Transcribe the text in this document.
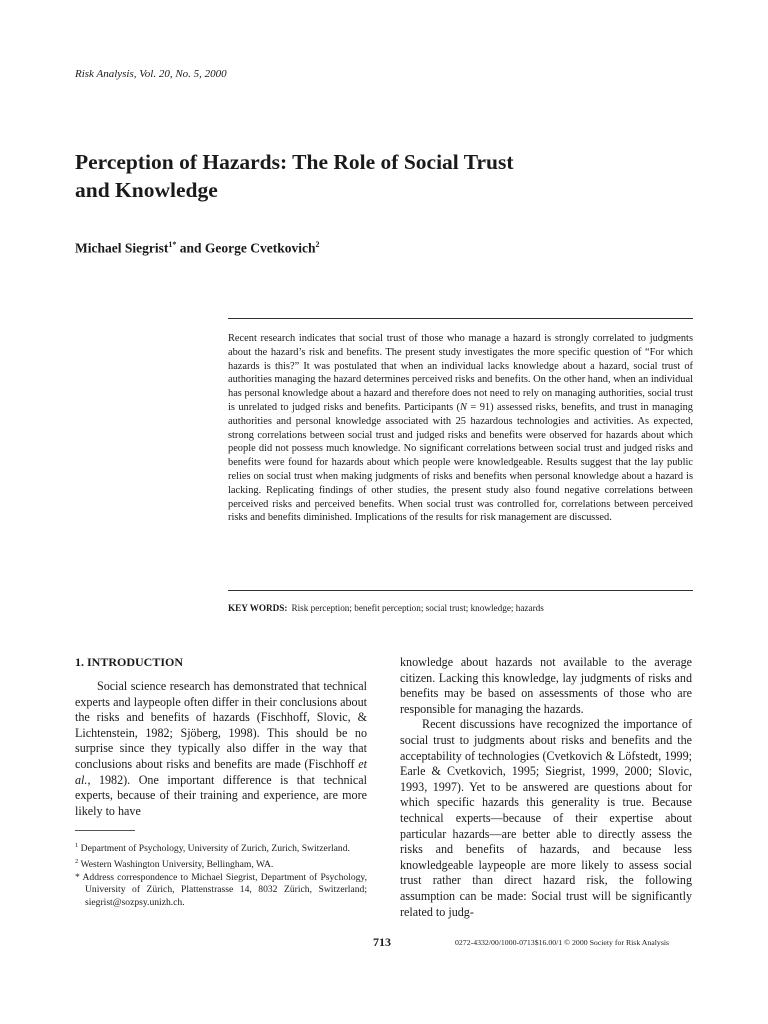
Risk Analysis, Vol. 20, No. 5, 2000
Perception of Hazards: The Role of Social Trust
and Knowledge
Michael Siegrist$^{1*}$ and George Cvetkovich$^2$

Recent research indicates that social trust of those who manage a hazard is strongly correlated to judgments about the hazard’s risk and benefits. The present study investigates the more specific question of “For which hazards is this?” It was postulated that when an individual lacks knowledge about a hazard, social trust of authorities managing the hazard determines perceived risks and benefits. On the other hand, when an individual has personal knowledge about a hazard and therefore does not need to rely on managing authorities, social trust is unrelated to judged risks and benefits. Participants (N = 91) assessed risks, benefits, and trust in managing authorities and personal knowledge associated with 25 hazardous technologies and activities. As expected, strong correlations between social trust and judged risks and benefits were observed for hazards about which people did not possess much knowledge. No significant correlations between social trust and judged risks and benefits were found for hazards about which people were knowledgeable. Results suggest that the lay public relies on social trust when making judgments of risks and benefits when personal knowledge about a hazard is lacking. Replicating findings of other studies, the present study also found negative correlations between perceived risks and perceived benefits. When social trust was controlled for, correlations between perceived risks and benefits diminished. Implications of the results for risk management are discussed.

KEY WORDS: Risk perception; benefit perception; social trust; knowledge; hazards
1. INTRODUCTION

Social science research has demonstrated that technical experts and laypeople often differ in their conclusions about the risks and benefits of hazards (Fischhoff, Slovic, & Lichtenstein, 1982; Sjöberg, 1998). This should be no surprise since they typically also differ in the way that conclusions about risks and benefits are made (Fischhoff et al., 1982). One important difference is that technical experts, because of their training and experience, are more likely to have

$^1$ Department of Psychology, University of Zurich, Zurich, Switzerland.
$^2$ Western Washington University, Bellingham, WA.
* Address correspondence to Michael Siegrist, Department of Psychology, University of Zürich, Plattenstrasse 14, 8032 Zürich, Switzerland; siegrist@sozpsy.unizh.ch.

knowledge about hazards not available to the average citizen. Lacking this knowledge, lay judgments of risks and benefits may be based on assessments of those who are responsible for managing the hazards.

Recent discussions have recognized the importance of social trust to judgments about risks and benefits and the acceptability of technologies (Cvetkovich & Löfstedt, 1999; Earle & Cvetkovich, 1995; Siegrist, 1999, 2000; Slovic, 1993, 1997). Yet to be answered are questions about for which specific hazards this generality is true. Because technical experts—because of their expertise about particular hazards—are better able to directly assess the risks and benefits of hazards, and because less knowledgeable laypeople are more likely to assess social trust rather than direct hazard risk, the following assumption can be made: Social trust will be significantly related to judg-

713	0272-4332/00/1000-0713$16.00/1 © 2000 Society for Risk Analysis
